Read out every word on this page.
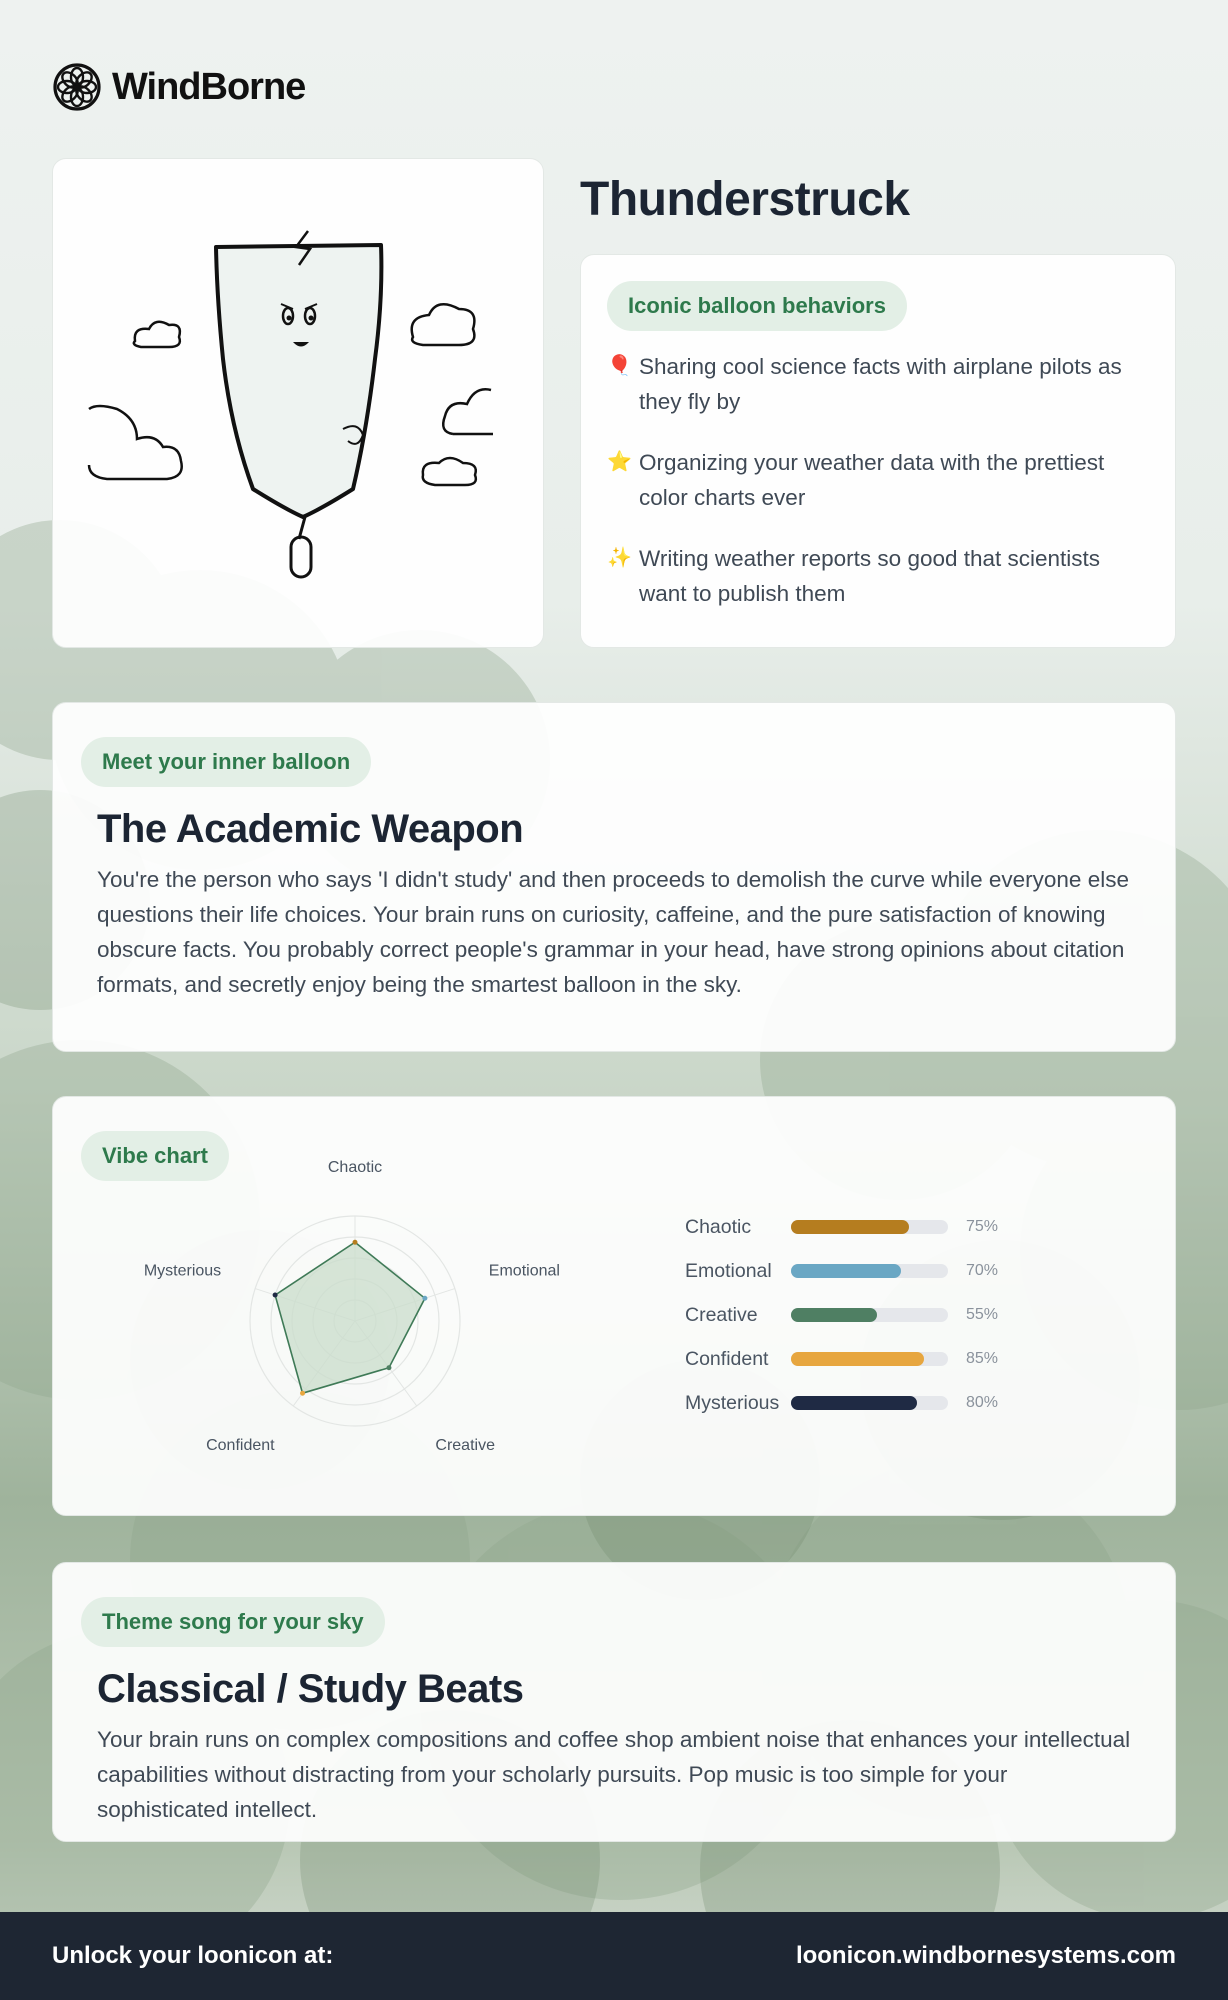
WindBorne
Thunderstruck
Iconic balloon behaviors
🎈 Sharing cool science facts with airplane pilots as they fly by
⭐ Organizing your weather data with the prettiest color charts ever
✨ Writing weather reports so good that scientists want to publish them
Meet your inner balloon
The Academic Weapon

You're the person who says 'I didn't study' and then proceeds to demolish the curve while everyone else questions their life choices. Your brain runs on curiosity, caffeine, and the pure satisfaction of knowing obscure facts. You probably correct people's grammar in your head, have strong opinions about citation formats, and secretly enjoy being the smartest balloon in the sky.

Vibe chart	Chaotic
Emotional
Creative
Confident
Mysterious
Chaotic	75%
Emotional	70%
Creative	55%
Confident	85%
Mysterious	80%
Theme song for your sky
Classical / Study Beats

Your brain runs on complex compositions and coffee shop ambient noise that enhances your intellectual capabilities without distracting from your scholarly pursuits. Pop music is too simple for your sophisticated intellect.

Unlock your loonicon at:	loonicon.windbornesystems.com
